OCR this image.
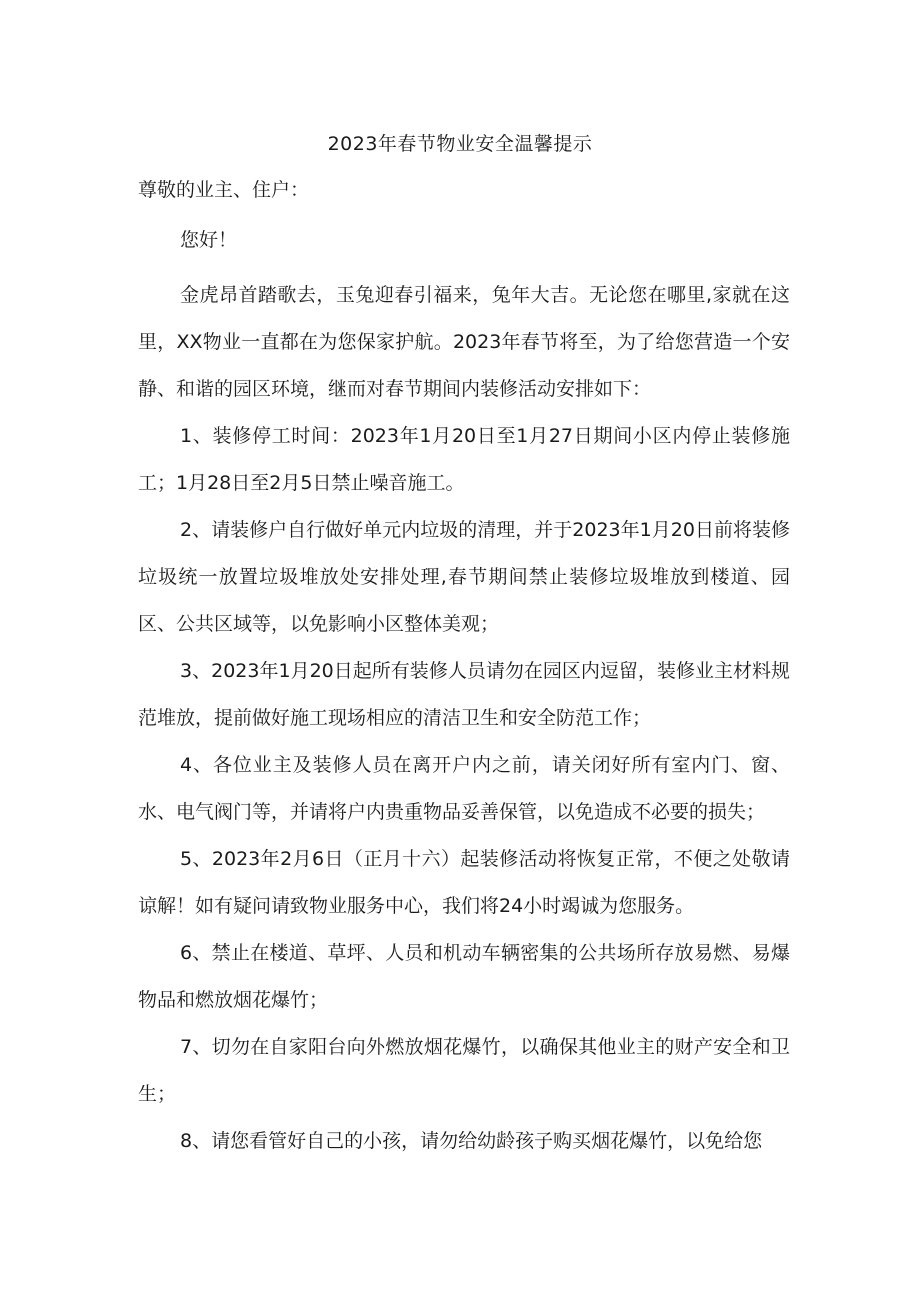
2023年春节物业安全温馨提示
尊敬的业主、住户：
您好！

金虎昂首踏歌去，玉兔迎春引福来，兔年大吉。无论您在哪里,家就在这里，XX物业一直都在为您保家护航。2023年春节将至，为了给您营造一个安静、和谐的园区环境，继而对春节期间内装修活动安排如下：

1、装修停工时间：2023年1月20日至1月27日期间小区内停止装修施工；1月28日至2月5日禁止噪音施工。

2、请装修户自行做好单元内垃圾的清理，并于2023年1月20日前将装修垃圾统一放置垃圾堆放处安排处理,春节期间禁止装修垃圾堆放到楼道、园区、公共区域等，以免影响小区整体美观；

3、2023年1月20日起所有装修人员请勿在园区内逗留，装修业主材料规范堆放，提前做好施工现场相应的清洁卫生和安全防范工作；

4、各位业主及装修人员在离开户内之前，请关闭好所有室内门、窗、水、电气阀门等，并请将户内贵重物品妥善保管，以免造成不必要的损失；

5、2023年2月6日（正月十六）起装修活动将恢复正常，不便之处敬请谅解！如有疑问请致物业服务中心，我们将24小时竭诚为您服务。

6、禁止在楼道、草坪、人员和机动车辆密集的公共场所存放易燃、易爆物品和燃放烟花爆竹；

7、切勿在自家阳台向外燃放烟花爆竹，以确保其他业主的财产安全和卫生；

8、请您看管好自己的小孩，请勿给幼龄孩子购买烟花爆竹，以免给您
